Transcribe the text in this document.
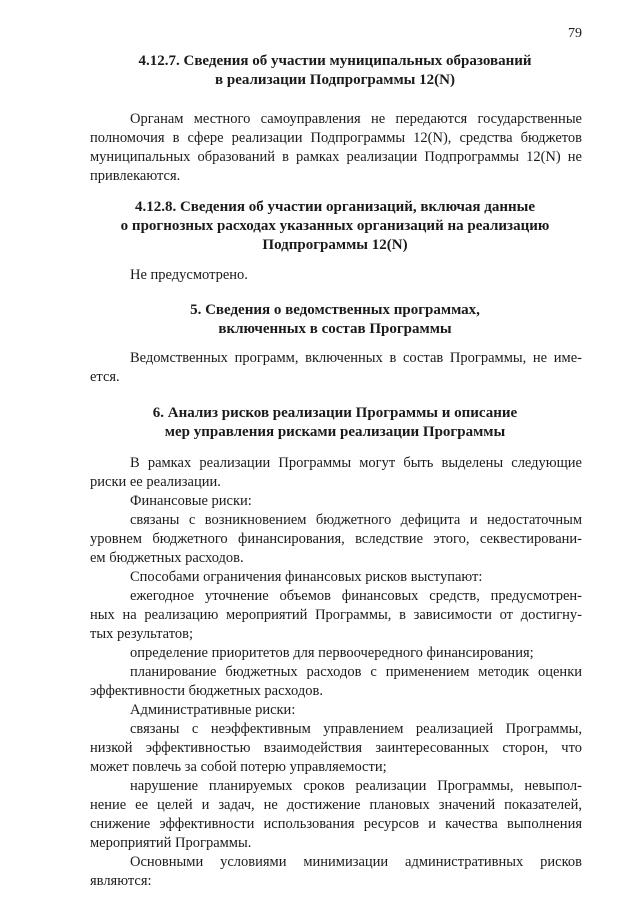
79
4.12.7. Сведения об участии муниципальных образований
в реализации Подпрограммы 12(N)
Органам местного самоуправления не передаются государственные
полномочия в сфере реализации Подпрограммы 12(N), средства бюджетов
муниципальных образований в рамках реализации Подпрограммы 12(N) не
привлекаются.
4.12.8. Сведения об участии организаций, включая данные
о прогнозных расходах указанных организаций на реализацию
Подпрограммы 12(N)
Не предусмотрено.
5. Сведения о ведомственных программах,
включенных в состав Программы
Ведомственных программ, включенных в состав Программы, не име-
ется.
6. Анализ рисков реализации Программы и описание
мер управления рисками реализации Программы
В рамках реализации Программы могут быть выделены следующие
риски ее реализации.
Финансовые риски:
связаны с возникновением бюджетного дефицита и недостаточным
уровнем бюджетного финансирования, вследствие этого, секвестировани-
ем бюджетных расходов.
Способами ограничения финансовых рисков выступают:
ежегодное уточнение объемов финансовых средств, предусмотрен-
ных на реализацию мероприятий Программы, в зависимости от достигну-
тых результатов;
определение приоритетов для первоочередного финансирования;
планирование бюджетных расходов с применением методик оценки
эффективности бюджетных расходов.
Административные риски:
связаны с неэффективным управлением реализацией Программы,
низкой эффективностью взаимодействия заинтересованных сторон, что
может повлечь за собой потерю управляемости;
нарушение планируемых сроков реализации Программы, невыпол-
нение ее целей и задач, не достижение плановых значений показателей,
снижение эффективности использования ресурсов и качества выполнения
мероприятий Программы.
Основными условиями минимизации административных рисков
являются:
